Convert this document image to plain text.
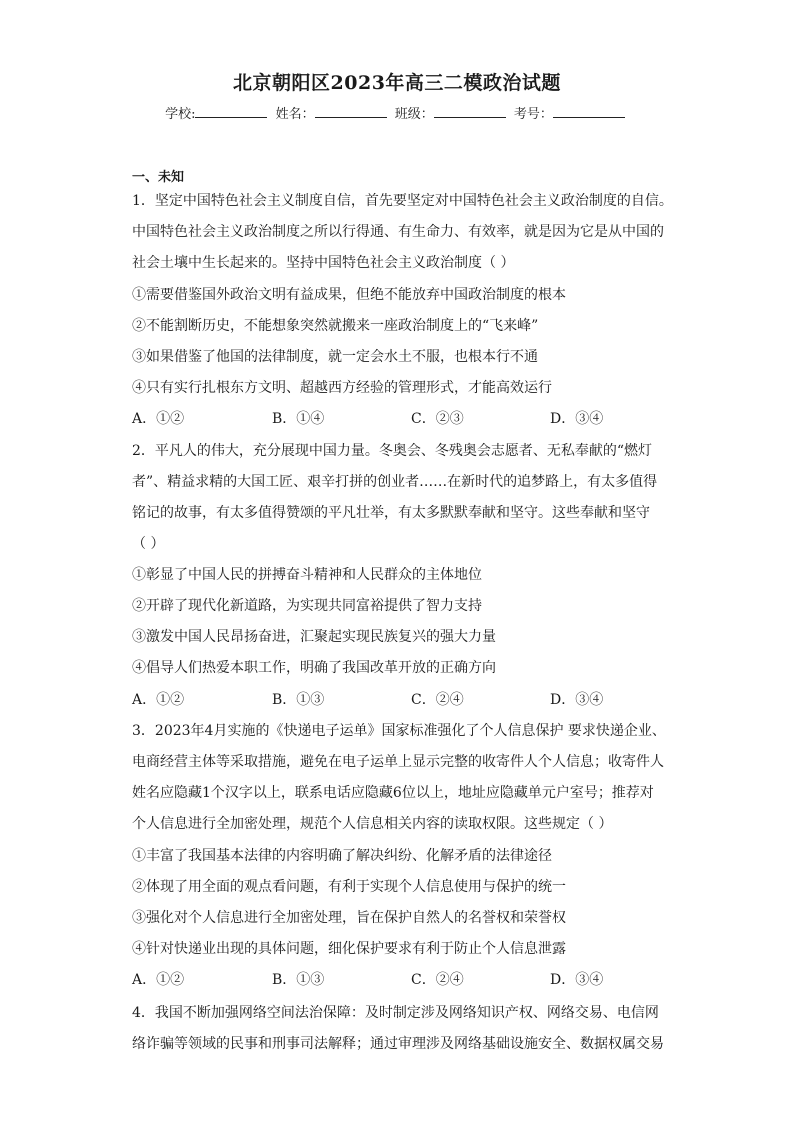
北京朝阳区2023年高三二模政治试题
学校:	姓名：	班级：	考号：
一、未知
1．坚定中国特色社会主义制度自信，首先要坚定对中国特色社会主义政治制度的自信。
中国特色社会主义政治制度之所以行得通、有生命力、有效率，就是因为它是从中国的
社会土壤中生长起来的。坚持中国特色社会主义政治制度（ ）
①需要借鉴国外政治文明有益成果，但绝不能放弃中国政治制度的根本
②不能割断历史，不能想象突然就搬来一座政治制度上的“飞来峰”
③如果借鉴了他国的法律制度，就一定会水土不服，也根本行不通
④只有实行扎根东方文明、超越西方经验的管理形式，才能高效运行
A．①②	B．①④	C．②③	D．③④
2．平凡人的伟大，充分展现中国力量。冬奥会、冬残奥会志愿者、无私奉献的“燃灯
者”、精益求精的大国工匠、艰辛打拼的创业者……在新时代的追梦路上，有太多值得
铭记的故事，有太多值得赞颂的平凡壮举，有太多默默奉献和坚守。这些奉献和坚守
（ ）
①彰显了中国人民的拼搏奋斗精神和人民群众的主体地位
②开辟了现代化新道路，为实现共同富裕提供了智力支持
③激发中国人民昂扬奋进，汇聚起实现民族复兴的强大力量
④倡导人们热爱本职工作，明确了我国改革开放的正确方向
A．①②	B．①③	C．②④	D．③④
3．2023年4月实施的《快递电子运单》国家标准强化了个人信息保护 要求快递企业、
电商经营主体等采取措施，避免在电子运单上显示完整的收寄件人个人信息；收寄件人
姓名应隐藏1个汉字以上，联系电话应隐藏6位以上，地址应隐藏单元户室号；推荐对
个人信息进行全加密处理，规范个人信息相关内容的读取权限。这些规定（ ）
①丰富了我国基本法律的内容明确了解决纠纷、化解矛盾的法律途径
②体现了用全面的观点看问题，有利于实现个人信息使用与保护的统一
③强化对个人信息进行全加密处理，旨在保护自然人的名誉权和荣誉权
④针对快递业出现的具体问题，细化保护要求有利于防止个人信息泄露
A．①②	B．①③	C．②④	D．③④
4．我国不断加强网络空间法治保障：及时制定涉及网络知识产权、网络交易、电信网
络诈骗等领域的民事和刑事司法解释；通过审理涉及网络基础设施安全、数据权属交易
